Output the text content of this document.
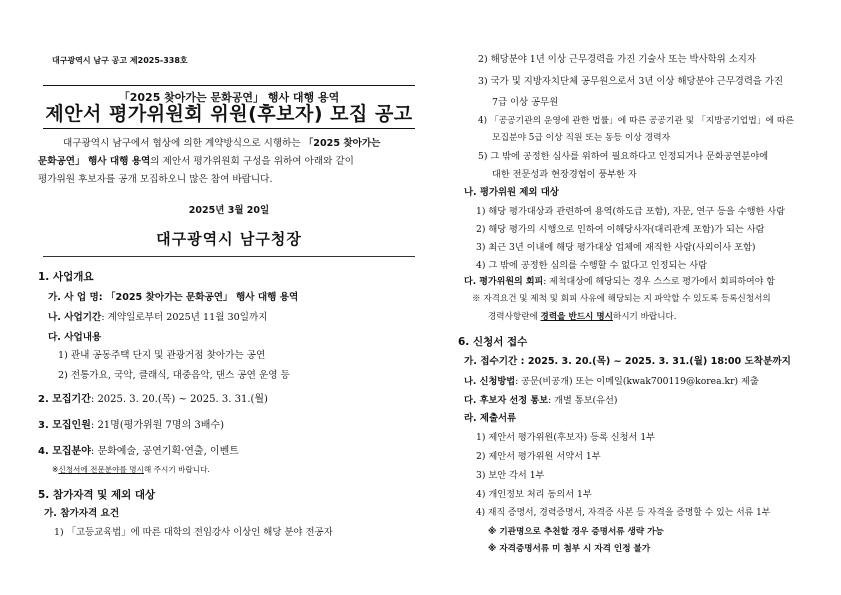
대구광역시 남구 공고 제2025-338호
「2025 찾아가는 문화공연」 행사 대행 용역
제안서 평가위원회 위원(후보자) 모집 공고
대구광역시 남구에서 협상에 의한 계약방식으로 시행하는 「2025 찾아가는
문화공연」 행사 대행 용역의 제안서 평가위원회 구성을 위하여 아래와 같이
평가위원 후보자를 공개 모집하오니 많은 참여 바랍니다.
2025년 3월 20일
대구광역시 남구청장
1. 사업개요
가. 사 업 명: 「2025 찾아가는 문화공연」 행사 대행 용역
나. 사업기간: 계약일로부터 2025년 11월 30일까지
다. 사업내용
1) 관내 공동주택 단지 및 관광거점 찾아가는 공연
2) 전통가요, 국악, 클래식, 대중음악, 댄스 공연 운영 등
2. 모집기간: 2025. 3. 20.(목) ~ 2025. 3. 31.(월)
3. 모집인원: 21명(평가위원 7명의 3배수)
4. 모집분야: 문화예술, 공연기획·연출, 이벤트
※신청서에 전문분야를 명시해 주시기 바랍니다.
5. 참가자격 및 제외 대상
가. 참가자격 요건
1) 「고등교육법」에 따른 대학의 전임강사 이상인 해당 분야 전공자
2) 해당분야 1년 이상 근무경력을 가진 기술사 또는 박사학위 소지자
3) 국가 및 지방자치단체 공무원으로서 3년 이상 해당분야 근무경력을 가진
7급 이상 공무원
4) 「공공기관의 운영에 관한 법률」에 따른 공공기관 및 「지방공기업법」에 따른
모집분야 5급 이상 직원 또는 동등 이상 경력자
5) 그 밖에 공정한 심사를 위하여 필요하다고 인정되거나 문화공연분야에
대한 전문성과 현장경험이 풍부한 자
나. 평가위원 제외 대상
1) 해당 평가대상과 관련하여 용역(하도급 포함), 자문, 연구 등을 수행한 사람
2) 해당 평가의 시행으로 인하여 이해당사자(대리관계 포함)가 되는 사람
3) 최근 3년 이내에 해당 평가대상 업체에 재직한 사람(사외이사 포함)
4) 그 밖에 공정한 심의를 수행할 수 없다고 인정되는 사람
다. 평가위원의 회피: 제척대상에 해당되는 경우 스스로 평가에서 회피하여야 함
※ 자격요건 및 제척 및 회피 사유에 해당되는 지 파악할 수 있도록 등록신청서의
경력사항란에 경력을 반드시 명시하시기 바랍니다.
6. 신청서 접수
가. 접수기간 : 2025. 3. 20.(목) ~ 2025. 3. 31.(월) 18:00 도착분까지
나. 신청방법: 공문(비공개) 또는 이메일(kwak700119@korea.kr) 제출
다. 후보자 선정 통보: 개별 통보(유선)
라. 제출서류
1) 제안서 평가위원(후보자) 등록 신청서 1부
2) 제안서 평가위원 서약서 1부
3) 보안 각서 1부
4) 개인정보 처리 동의서 1부
4) 재직 증명서, 경력증명서, 자격증 사본 등 자격을 증명할 수 있는 서류 1부
※ 기관명으로 추천할 경우 증명서류 생략 가능
※ 자격증명서류 미 첨부 시 자격 인정 불가
